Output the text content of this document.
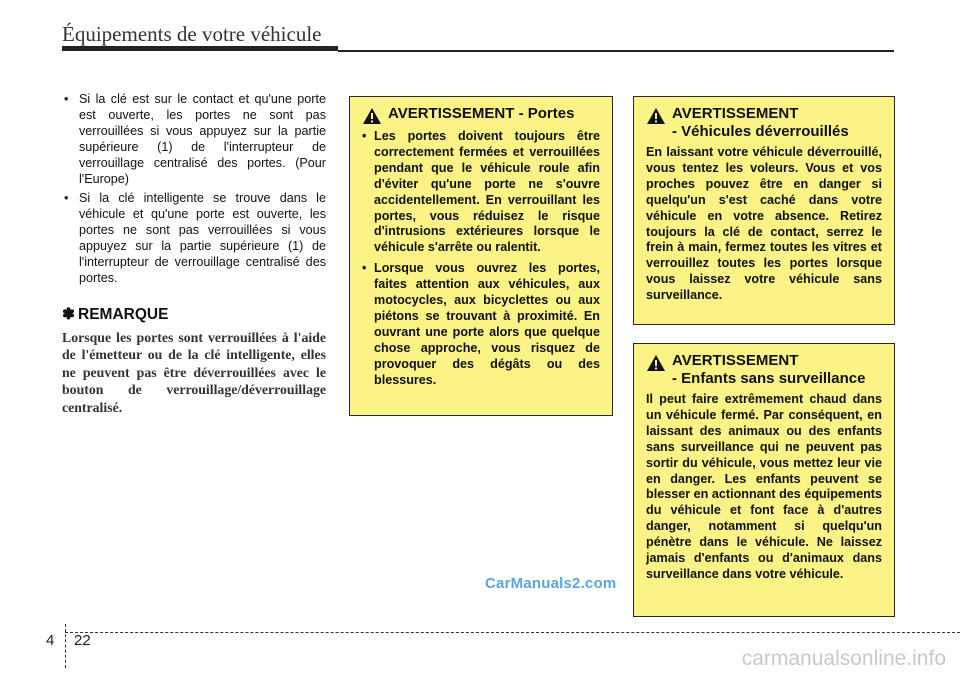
Équipements de votre véhicule
• Si la clé est sur le contact et qu'une porte est ouverte, les portes ne sont pas verrouillées si vous appuyez sur la partie supérieure (1) de l'interrupteur de verrouillage centralisé des portes. (Pour l'Europe)
• Si la clé intelligente se trouve dans le véhicule et qu'une porte est ouverte, les portes ne sont pas verrouillées si vous appuyez sur la partie supérieure (1) de l'interrupteur de verrouillage centralisé des portes.
✽ REMARQUE
Lorsque les portes sont verrouillées à l'aide de l'émetteur ou de la clé intelligente, elles ne peuvent pas être déverrouillées avec le bouton de verrouillage/déverrouillage centralisé.
AVERTISSEMENT - Portes
• Les portes doivent toujours être correctement fermées et verrouillées pendant que le véhicule roule afin d'éviter qu'une porte ne s'ouvre accidentellement. En verrouillant les portes, vous réduisez le risque d'intrusions extérieures lorsque le véhicule s'arrête ou ralentit.
• Lorsque vous ouvrez les portes, faites attention aux véhicules, aux motocycles, aux bicyclettes ou aux piétons se trouvant à proximité. En ouvrant une porte alors que quelque chose approche, vous risquez de provoquer des dégâts ou des blessures.
AVERTISSEMENT
- Véhicules déverrouillés
En laissant votre véhicule déverrouillé, vous tentez les voleurs. Vous et vos proches pouvez être en danger si quelqu'un s'est caché dans votre véhicule en votre absence. Retirez toujours la clé de contact, serrez le frein à main, fermez toutes les vitres et verrouillez toutes les portes lorsque vous laissez votre véhicule sans surveillance.
AVERTISSEMENT
- Enfants sans surveillance
Il peut faire extrêmement chaud dans un véhicule fermé. Par conséquent, en laissant des animaux ou des enfants sans surveillance qui ne peuvent pas sortir du véhicule, vous mettez leur vie en danger. Les enfants peuvent se blesser en actionnant des équipements du véhicule et font face à d'autres danger, notamment si quelqu'un pénètre dans le véhicule. Ne laissez jamais d'enfants ou d'animaux dans surveillance dans votre véhicule.
CarManuals2.com
4 22
carmanualsonline.info
